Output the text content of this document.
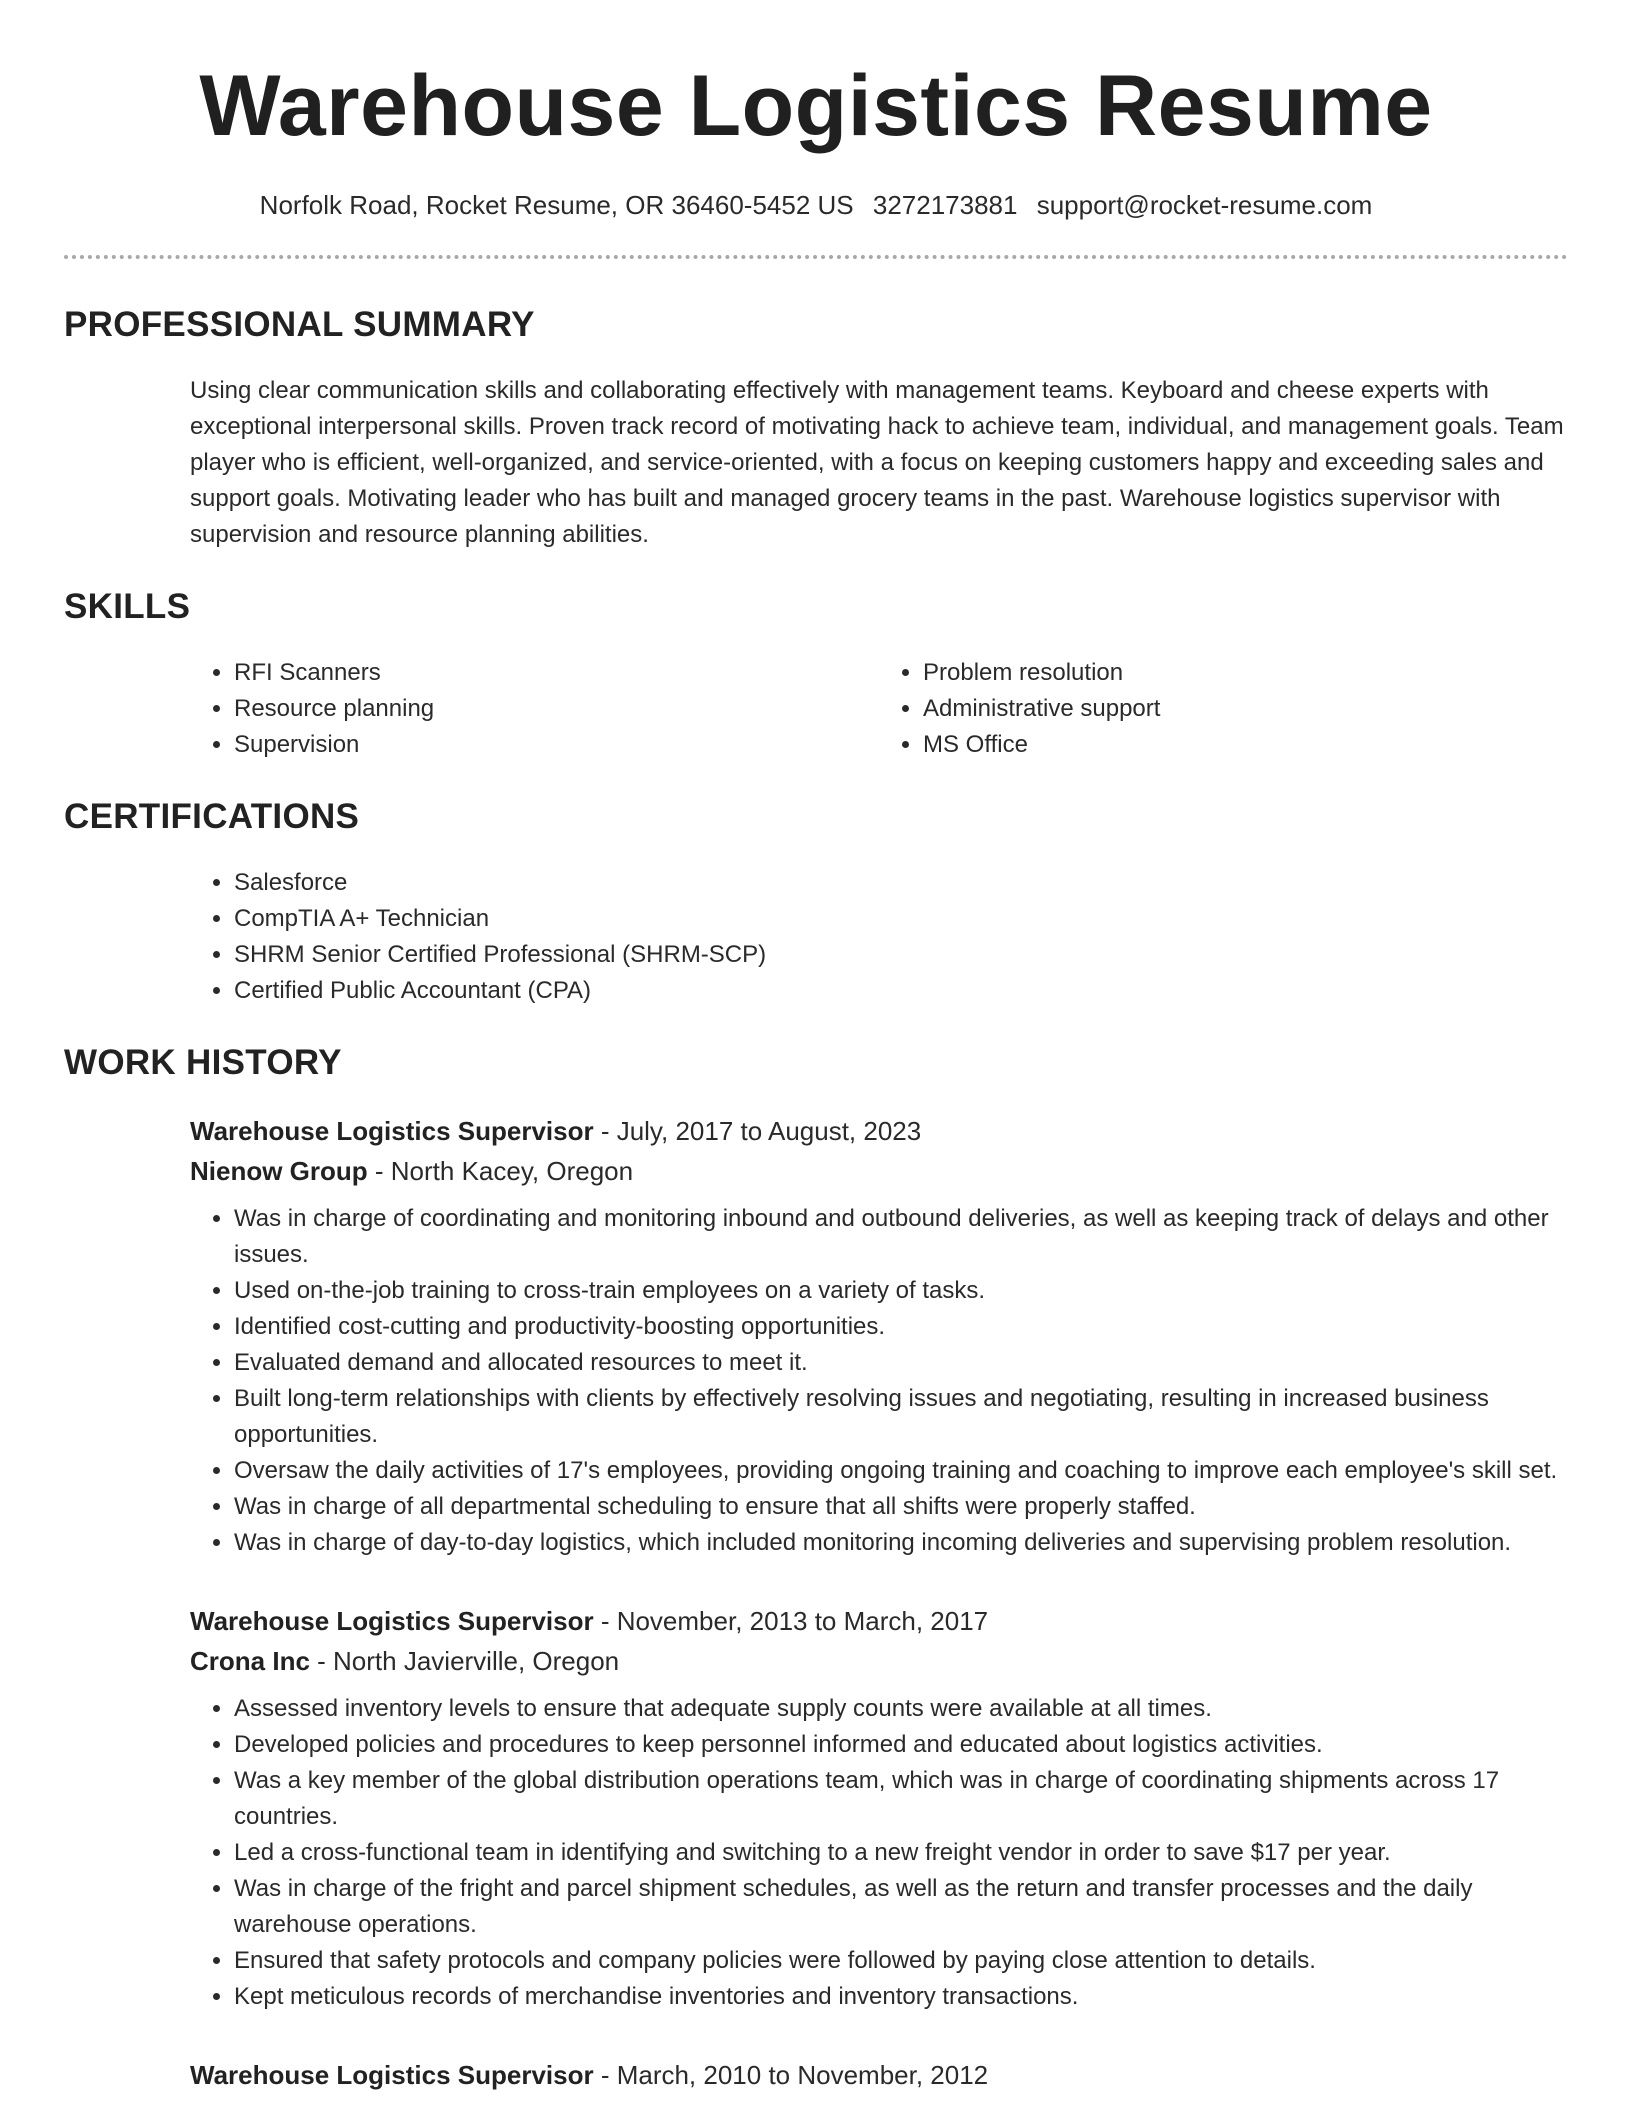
Warehouse Logistics Resume
Norfolk Road, Rocket Resume, OR 36460-5452 US 3272173881 support@rocket-resume.com
PROFESSIONAL SUMMARY
Using clear communication skills and collaborating effectively with management teams. Keyboard and cheese experts with exceptional interpersonal skills. Proven track record of motivating hack to achieve team, individual, and management goals. Team player who is efficient, well-organized, and service-oriented, with a focus on keeping customers happy and exceeding sales and support goals. Motivating leader who has built and managed grocery teams in the past. Warehouse logistics supervisor with supervision and resource planning abilities.
SKILLS
• RFI Scanners
• Resource planning
• Supervision
• Problem resolution
• Administrative support
• MS Office
CERTIFICATIONS
• Salesforce
• CompTIA A+ Technician
• SHRM Senior Certified Professional (SHRM-SCP)
• Certified Public Accountant (CPA)
WORK HISTORY
Warehouse Logistics Supervisor - July, 2017 to August, 2023
Nienow Group - North Kacey, Oregon
• Was in charge of coordinating and monitoring inbound and outbound deliveries, as well as keeping track of delays and other issues.
• Used on-the-job training to cross-train employees on a variety of tasks.
• Identified cost-cutting and productivity-boosting opportunities.
• Evaluated demand and allocated resources to meet it.
• Built long-term relationships with clients by effectively resolving issues and negotiating, resulting in increased business opportunities.
• Oversaw the daily activities of 17's employees, providing ongoing training and coaching to improve each employee's skill set.
• Was in charge of all departmental scheduling to ensure that all shifts were properly staffed.
• Was in charge of day-to-day logistics, which included monitoring incoming deliveries and supervising problem resolution.
Warehouse Logistics Supervisor - November, 2013 to March, 2017
Crona Inc - North Javierville, Oregon
• Assessed inventory levels to ensure that adequate supply counts were available at all times.
• Developed policies and procedures to keep personnel informed and educated about logistics activities.
• Was a key member of the global distribution operations team, which was in charge of coordinating shipments across 17 countries.
• Led a cross-functional team in identifying and switching to a new freight vendor in order to save $17 per year.
• Was in charge of the fright and parcel shipment schedules, as well as the return and transfer processes and the daily warehouse operations.
• Ensured that safety protocols and company policies were followed by paying close attention to details.
• Kept meticulous records of merchandise inventories and inventory transactions.
Warehouse Logistics Supervisor - March, 2010 to November, 2012
